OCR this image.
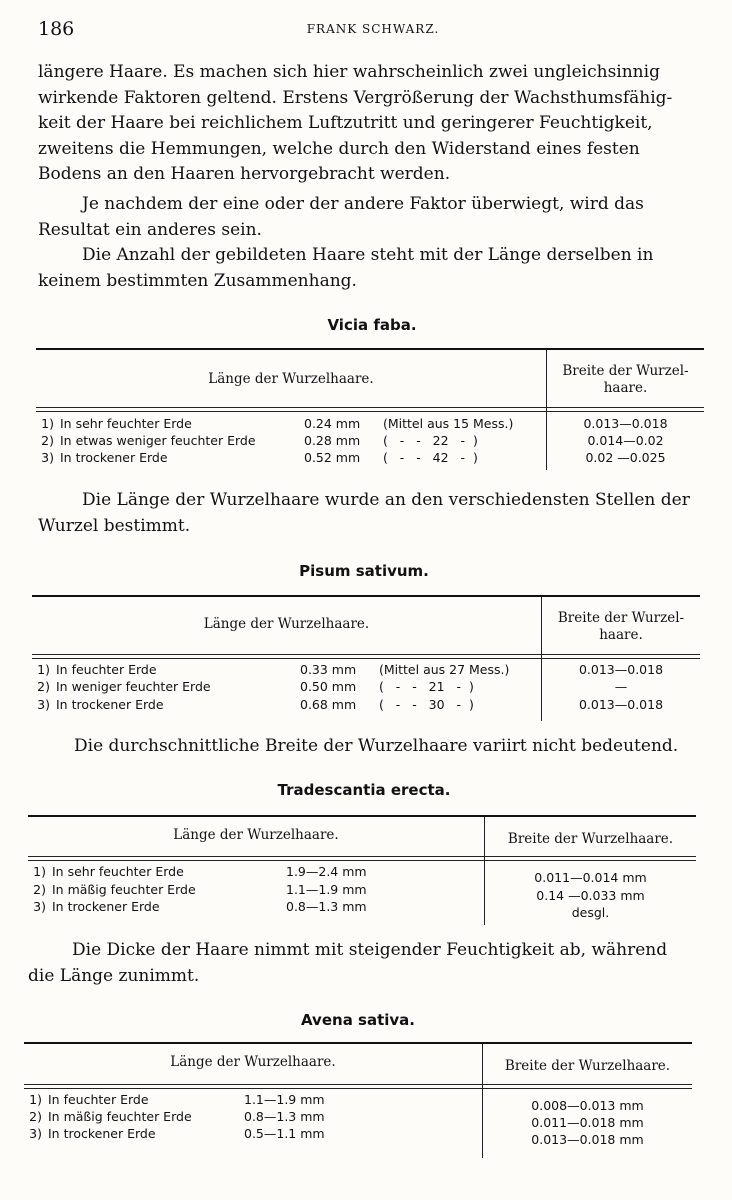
186	FRANK SCHWARZ.
längere Haare. Es machen sich hier wahrscheinlich zwei ungleichsinnig
wirkende Faktoren geltend. Erstens Vergrößerung der Wachsthumsfähig-
keit der Haare bei reichlichem Luftzutritt und geringerer Feuchtigkeit,
zweitens die Hemmungen, welche durch den Widerstand eines festen
Bodens an den Haaren hervorgebracht werden.
Je nachdem der eine oder der andere Faktor überwiegt, wird das
Resultat ein anderes sein.
Die Anzahl der gebildeten Haare steht mit der Länge derselben in
keinem bestimmten Zusammenhang.
Vicia faba.
Länge der Wurzelhaare.	Breite der Wurzel-
haare.
1) In sehr feuchter Erde	0.24 mm (Mittel aus 15 Mess.)	0.013—0.018
2) In etwas weniger feuchter Erde	0.28 mm (   -   -   22   -  )	0.014—0.02
3) In trockener Erde	0.52 mm (   -   -   42   -  )	0.02 —0.025
Die Länge der Wurzelhaare wurde an den verschiedensten Stellen der
Wurzel bestimmt.
Pisum sativum.
Länge der Wurzelhaare.	Breite der Wurzel-
haare.
1) In feuchter Erde	0.33 mm (Mittel aus 27 Mess.)	0.013—0.018
2) In weniger feuchter Erde	0.50 mm (   -   -   21   -  )	—
3) In trockener Erde	0.68 mm (   -   -   30   -  )	0.013—0.018
Die durchschnittliche Breite der Wurzelhaare variirt nicht bedeutend.
Tradescantia erecta.
Länge der Wurzelhaare.	Breite der Wurzelhaare.
1) In sehr feuchter Erde	1.9—2.4 mm	0.011—0.014 mm
2) In mäßig feuchter Erde	1.1—1.9 mm	0.14 —0.033 mm
3) In trockener Erde	0.8—1.3 mm	desgl.
Die Dicke der Haare nimmt mit steigender Feuchtigkeit ab, während
die Länge zunimmt.
Avena sativa.
Länge der Wurzelhaare.	Breite der Wurzelhaare.
1) In feuchter Erde	1.1—1.9 mm	0.008—0.013 mm
2) In mäßig feuchter Erde	0.8—1.3 mm	0.011—0.018 mm
3) In trockener Erde	0.5—1.1 mm	0.013—0.018 mm
